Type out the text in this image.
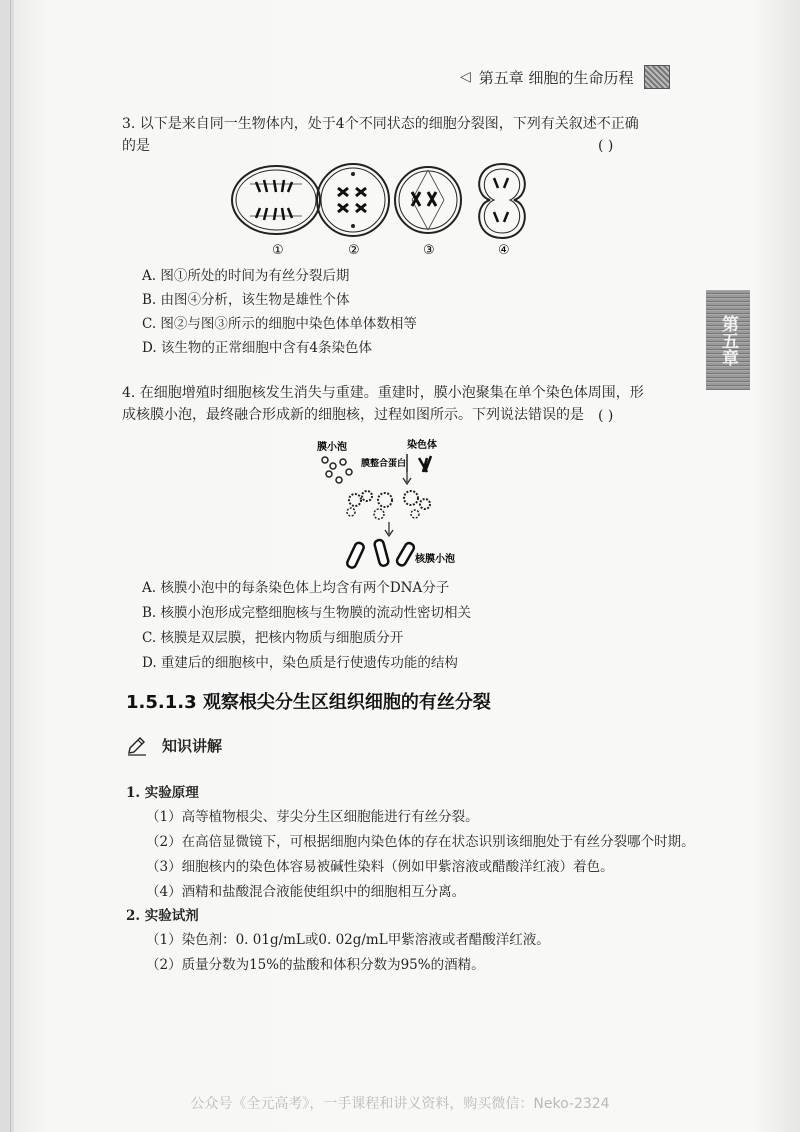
◁ 第五章 细胞的生命历程
第五章
3. 以下是来自同一生物体内，处于4个不同状态的细胞分裂图，下列有关叙述不正确的是	( )
①	②	③	④
A. 图①所处的时间为有丝分裂后期
B. 由图④分析，该生物是雄性个体
C. 图②与图③所示的细胞中染色体单体数相等
D. 该生物的正常细胞中含有4条染色体
4. 在细胞增殖时细胞核发生消失与重建。重建时，膜小泡聚集在单个染色体周围，形成核膜小泡，最终融合形成新的细胞核，过程如图所示。下列说法错误的是	( )
膜小泡	染色体
膜整合蛋白
核膜小泡
A. 核膜小泡中的每条染色体上均含有两个DNA分子
B. 核膜小泡形成完整细胞核与生物膜的流动性密切相关
C. 核膜是双层膜，把核内物质与细胞质分开
D. 重建后的细胞核中，染色质是行使遗传功能的结构
1.5.1.3 观察根尖分生区组织细胞的有丝分裂
知识讲解
1. 实验原理
（1）高等植物根尖、芽尖分生区细胞能进行有丝分裂。
（2）在高倍显微镜下，可根据细胞内染色体的存在状态识别该细胞处于有丝分裂哪个时期。
（3）细胞核内的染色体容易被碱性染料（例如甲紫溶液或醋酸洋红液）着色。
（4）酒精和盐酸混合液能使组织中的细胞相互分离。
2. 实验试剂
（1）染色剂：0. 01g/mL或0. 02g/mL甲紫溶液或者醋酸洋红液。
（2）质量分数为15%的盐酸和体积分数为95%的酒精。
公众号《全元高考》，一手课程和讲义资料，购买微信：Neko-2324
